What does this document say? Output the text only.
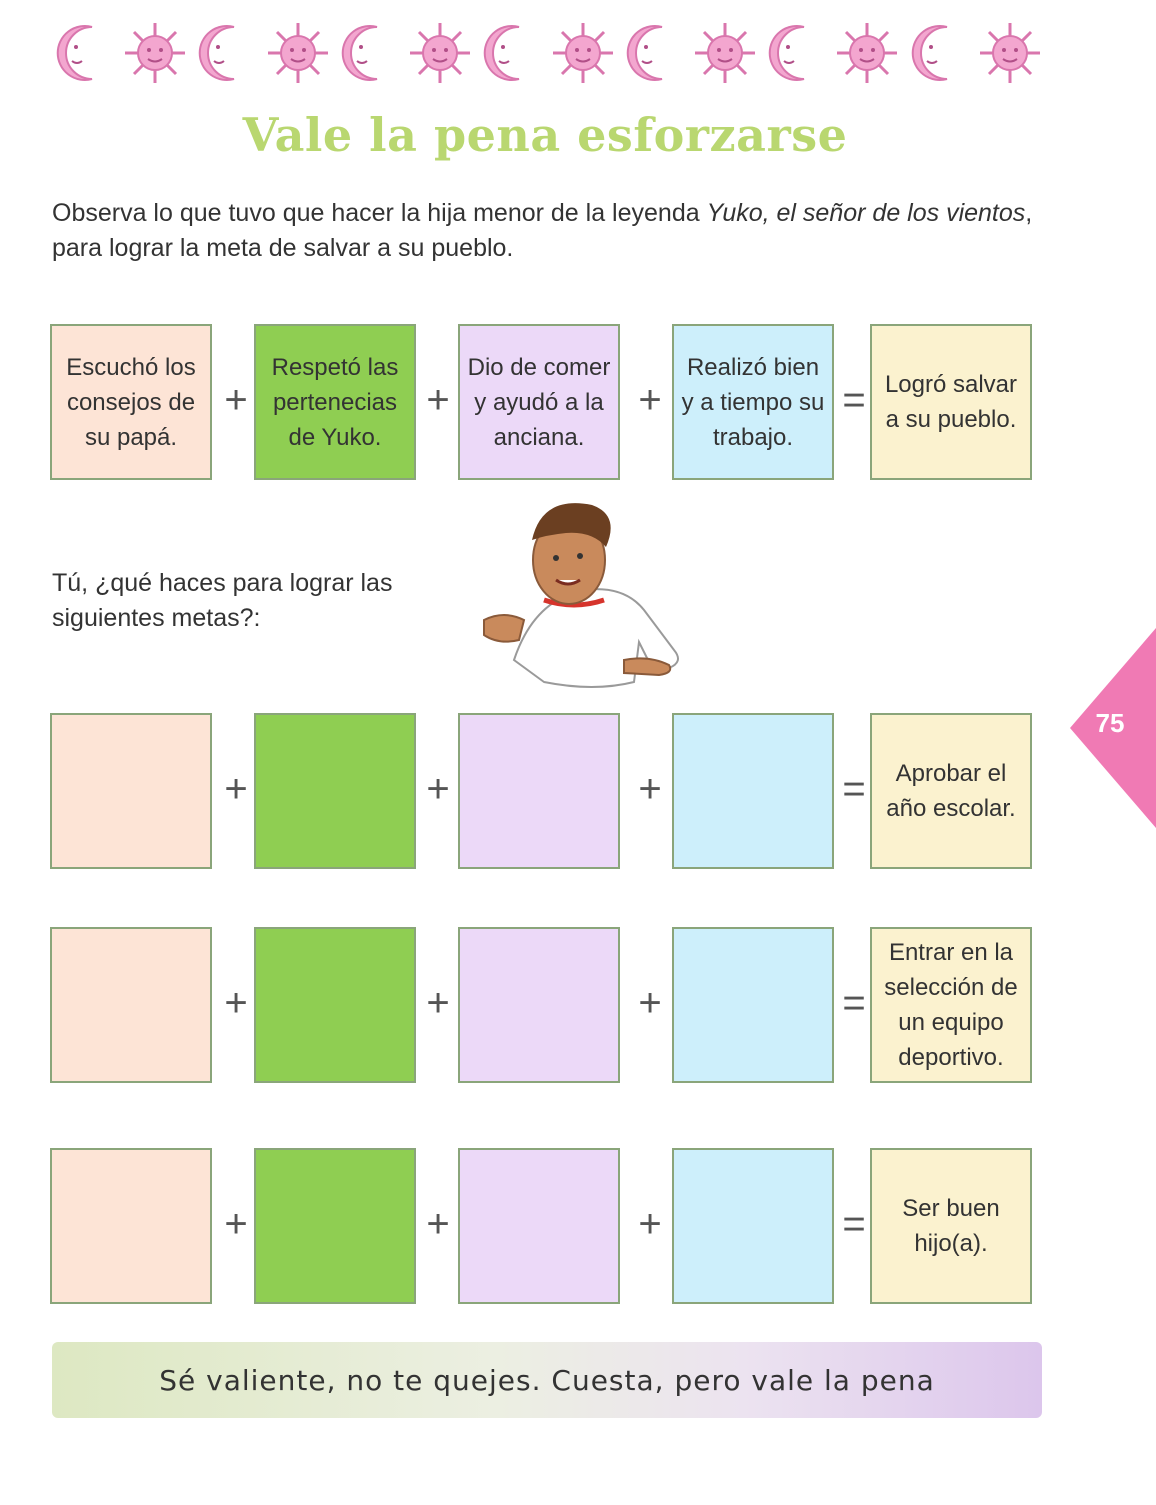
Vale la pena esforzarse

Observa lo que tuvo que hacer la hija menor de la leyenda Yuko, el señor de los vientos, para lograr la meta de salvar a su pueblo.

Escuchó los consejos de su papá.
+
Respetó las pertenecias de Yuko.
+
Dio de comer y ayudó a la anciana.
+
Realizó bien y a tiempo su trabajo.
= Logró salvar a su pueblo.

Tú, ¿qué haces para lograr las siguientes metas?:

75
+	+	+	=	Aprobar el año escolar.
+	+	+	=
Entrar en la selección de un equipo deportivo.
+	+	+	=	Ser buen hijo(a).
Sé valiente, no te quejes. Cuesta, pero vale la pena
